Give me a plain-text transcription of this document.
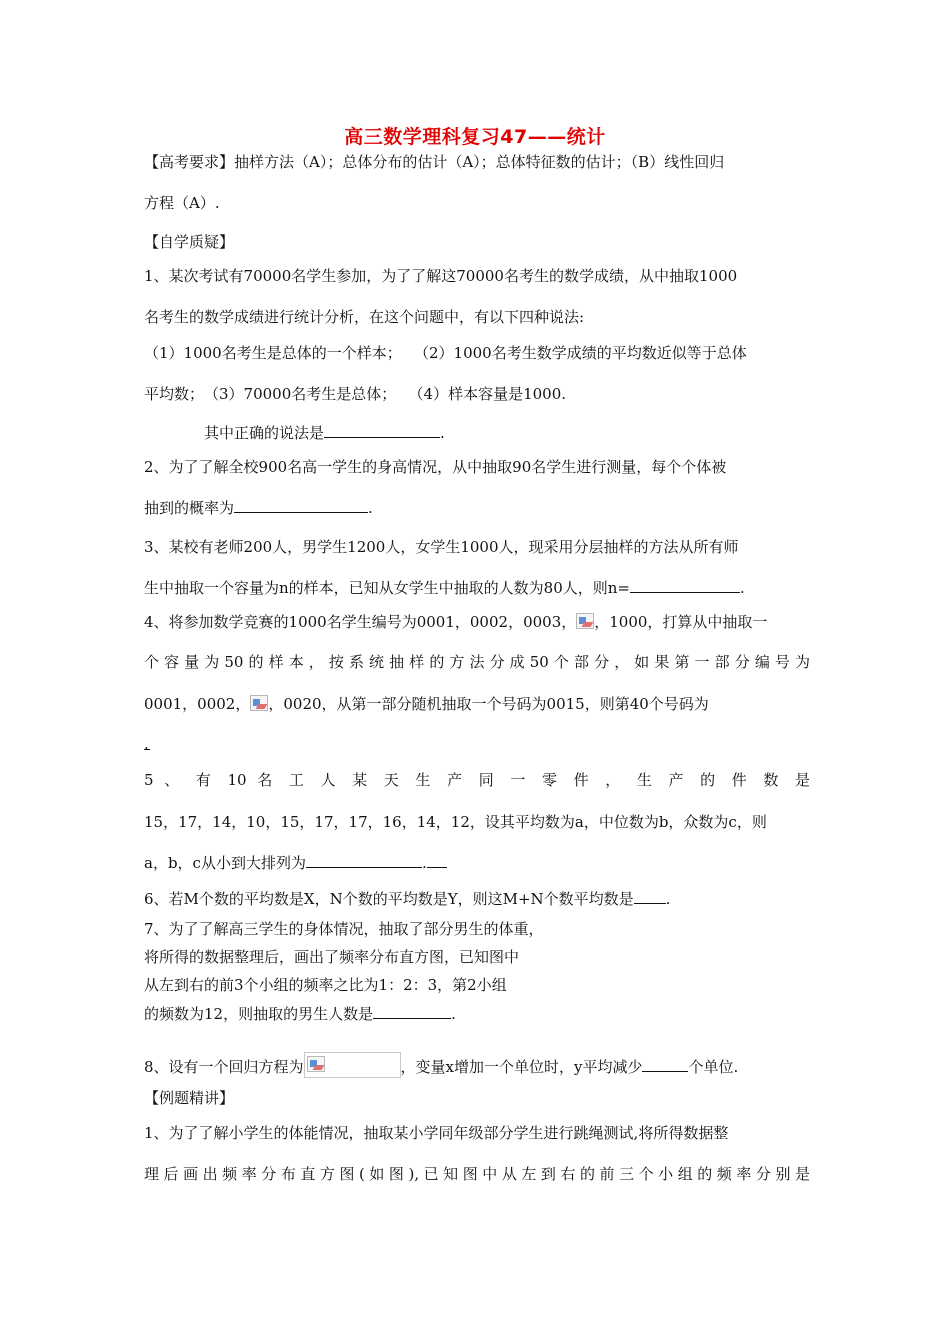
高三数学理科复习47——统计
【高考要求】抽样方法（A）；总体分布的估计（A）；总体特征数的估计；（B）线性回归
方程（A）.
【自学质疑】
1、某次考试有70000名学生参加，为了了解这70000名考生的数学成绩，从中抽取1000
名考生的数学成绩进行统计分析，在这个问题中，有以下四种说法:
（1）1000名考生是总体的一个样本；　 （2）1000名考生数学成绩的平均数近似等于总体
平均数；　（3）70000名考生是总体；　 （4）样本容量是1000.
其中正确的说法是	.
2、为了了解全校900名高一学生的身高情况，从中抽取90名学生进行测量，每个个体被
抽到的概率为	.
3、某校有老师200人，男学生1200人，女学生1000人，现采用分层抽样的方法从所有师
生中抽取一个容量为n的样本，已知从女学生中抽取的人数为80人，则n=	.
4、将参加数学竞赛的1000名学生编号为0001，0002，0003， ，1000，打算从中抽取一
个容量为50的样本，按系统抽样的方法分成50个部分，如果第一部分编号为
0001，0002， ，0020，从第一部分随机抽取一个号码为0015，则第40个号码为
.
5 、 有 10 名 工 人 某 天 生 产 同 一 零 件 ， 生 产 的 件 数 是
15，17，14，10，15，17，17，16，14，12，设其平均数为a，中位数为b，众数为c，则
a，b，c从小到大排列为	.
6、若M个数的平均数是X，N个数的平均数是Y，则这M+N个数平均数是 .
7、为了了解高三学生的身体情况，抽取了部分男生的体重，
将所得的数据整理后，画出了频率分布直方图，已知图中
从左到右的前3个小组的频率之比为1：2：3，第2小组
的频数为12，则抽取的男生人数是	.
8、设有一个回归方程为	，变量x增加一个单位时，y平均减少	个单位.
【例题精讲】
1、为了了解小学生的体能情况，抽取某小学同年级部分学生进行跳绳测试,将所得数据整
理后画出频率分布直方图(如图),已知图中从左到右的前三个小组的频率分别是
